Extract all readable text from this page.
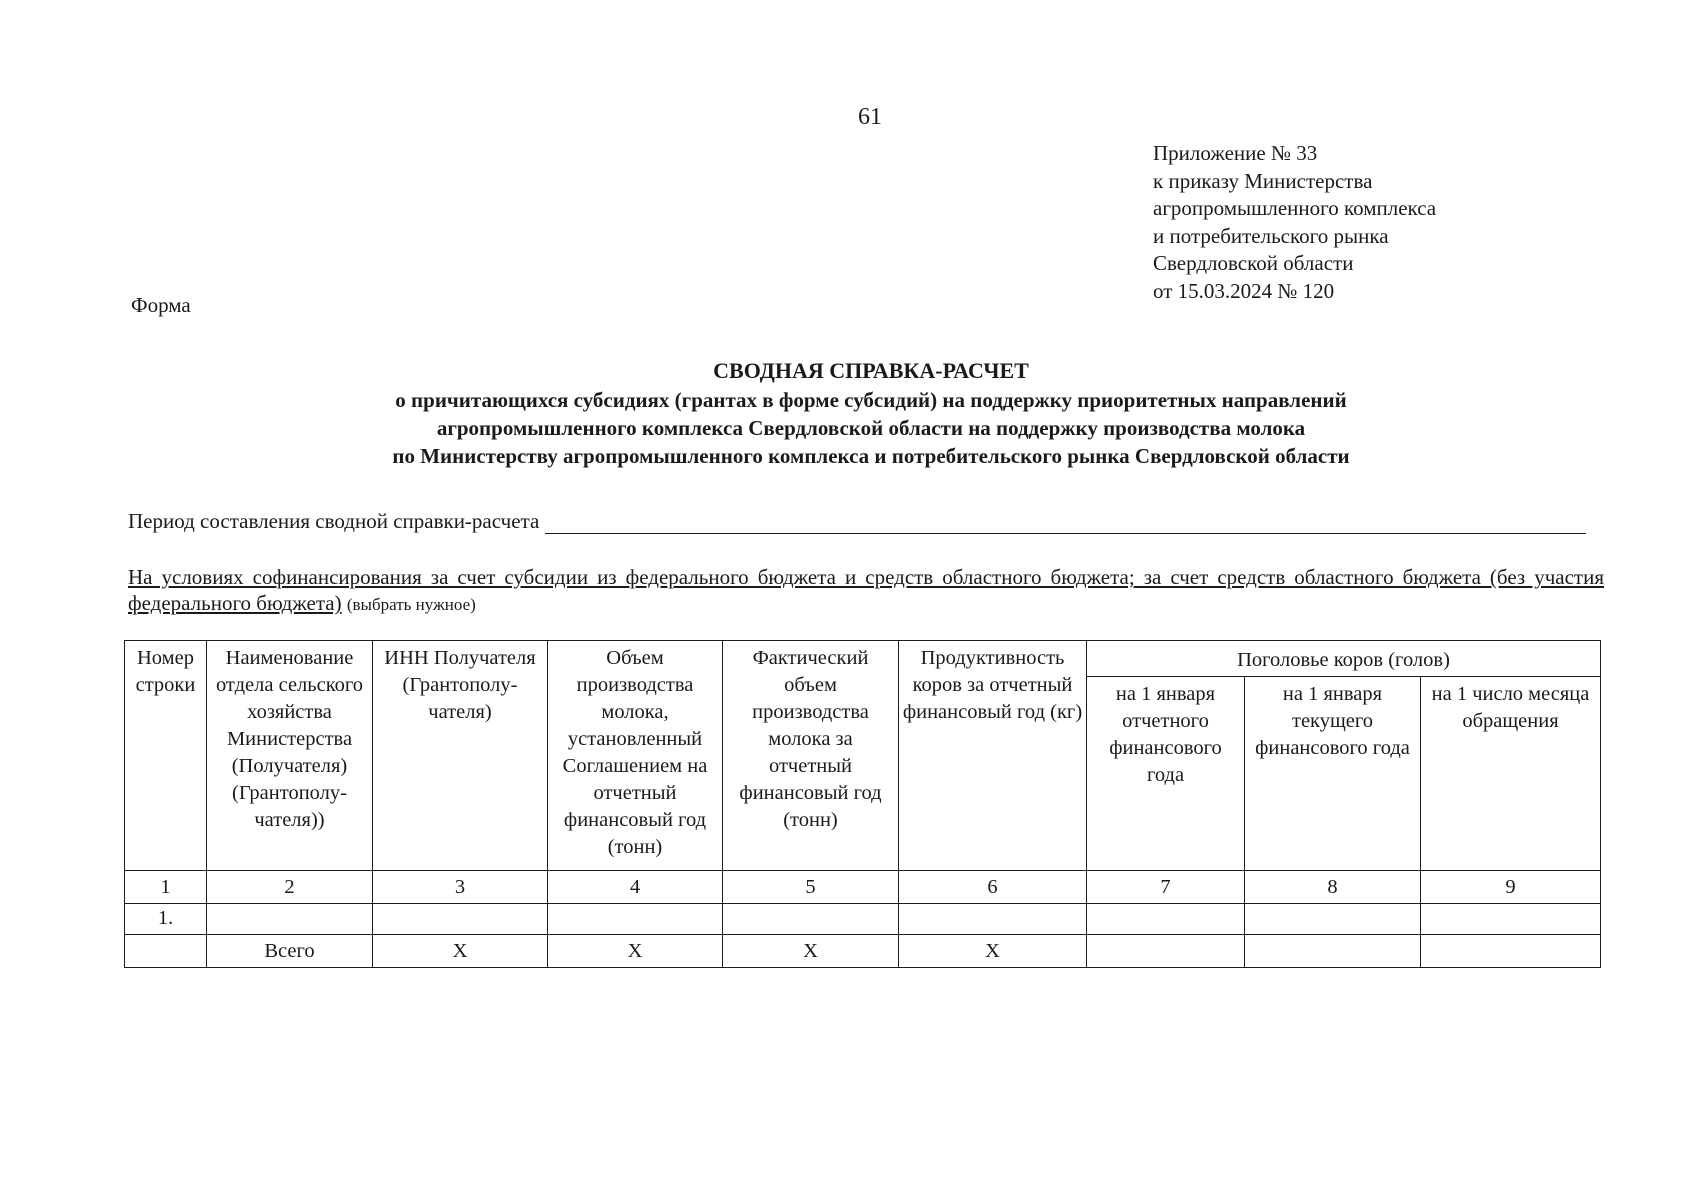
61
Приложение № 33
к приказу Министерства
агропромышленного комплекса
и потребительского рынка
Свердловской области
от 15.03.2024 № 120
Форма
СВОДНАЯ СПРАВКА-РАСЧЕТ
о причитающихся субсидиях (грантах в форме субсидий) на поддержку приоритетных направлений
агропромышленного комплекса Свердловской области на поддержку производства молока
по Министерству агропромышленного комплекса и потребительского рынка Свердловской области
Период составления сводной справки-расчета
На условиях софинансирования за счет субсидии из федерального бюджета и средств областного бюджета; за счет средств областного бюджета (без участия федерального бюджета) (выбрать нужное)
Номер строки	Наименование отдела сельского хозяйства Министерства (Получателя) (Грантополу-чателя))	ИНН Получателя (Грантополу-чателя)	Объем производства молока, установленный Соглашением на отчетный финансовый год (тонн)	Фактический объем производства молока за отчетный финансовый год (тонн)	Продуктивность коров за отчетный финансовый год (кг)	Поголовье коров (голов)		
						на 1 января отчетного финансового года	на 1 января текущего финансового года	на 1 число месяца обращения
1	2	3	4	5	6	7	8	9
1.								
	Всего	Х	Х	Х	Х			
